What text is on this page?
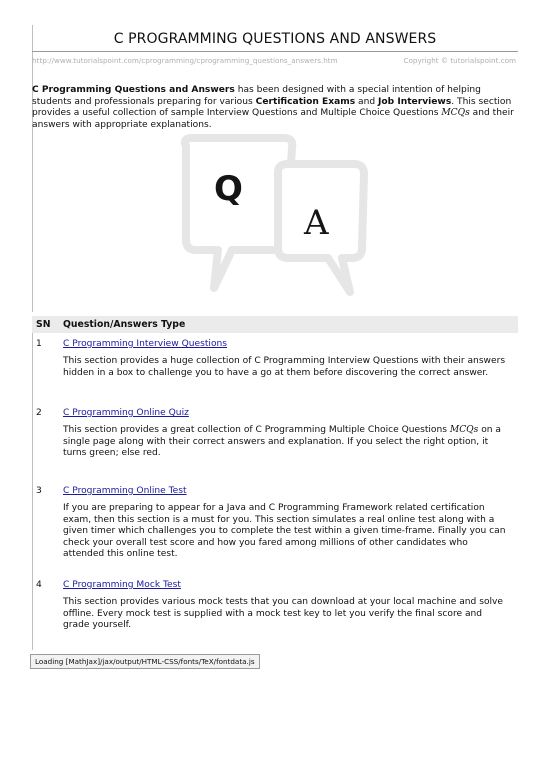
C PROGRAMMING QUESTIONS AND ANSWERS
http://www.tutorialspoint.com/cprogramming/cprogramming_questions_answers.htm	Copyright © tutorialspoint.com
C Programming Questions and Answers has been designed with a special intention of helping students and professionals preparing for various Certification Exams and Job Interviews. This section provides a useful collection of sample Interview Questions and Multiple Choice Questions MCQs and their answers with appropriate explanations.
Q
A
SN Question/Answers Type
1 C Programming Interview Questions
This section provides a huge collection of C Programming Interview Questions with their answers hidden in a box to challenge you to have a go at them before discovering the correct answer.
2 C Programming Online Quiz
This section provides a great collection of C Programming Multiple Choice Questions MCQs on a single page along with their correct answers and explanation. If you select the right option, it turns green; else red.
3 C Programming Online Test
If you are preparing to appear for a Java and C Programming Framework related certification exam, then this section is a must for you. This section simulates a real online test along with a given timer which challenges you to complete the test within a given time-frame. Finally you can check your overall test score and how you fared among millions of other candidates who attended this online test.
4 C Programming Mock Test
This section provides various mock tests that you can download at your local machine and solve offline. Every mock test is supplied with a mock test key to let you verify the final score and grade yourself.
Loading [MathJax]/jax/output/HTML-CSS/fonts/TeX/fontdata.js
